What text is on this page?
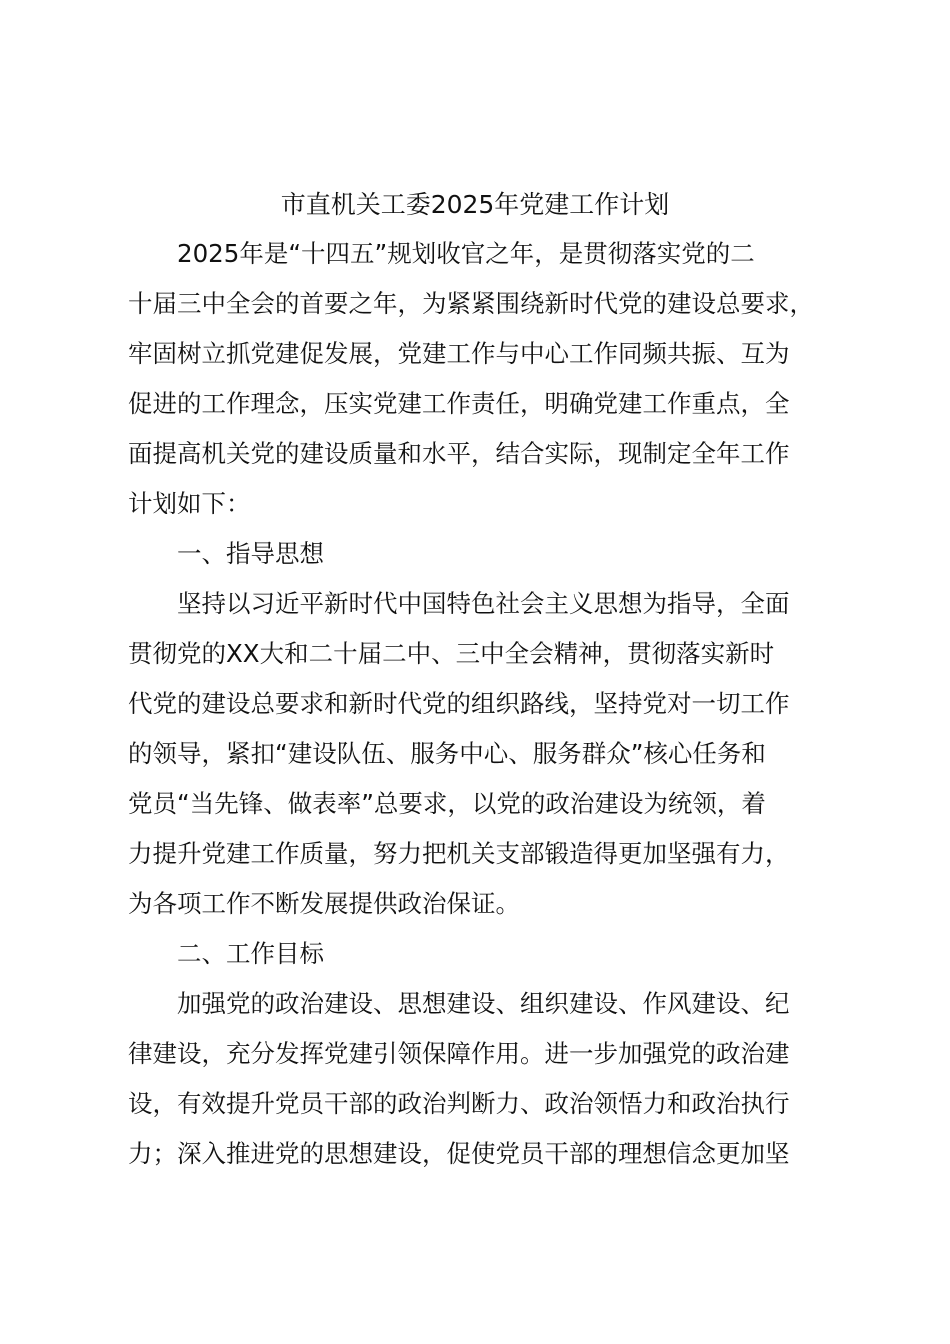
市直机关工委2025年党建工作计划
　　2025年是“十四五”规划收官之年，是贯彻落实党的二
十届三中全会的首要之年，为紧紧围绕新时代党的建设总要求，
牢固树立抓党建促发展，党建工作与中心工作同频共振、互为
促进的工作理念，压实党建工作责任，明确党建工作重点，全
面提高机关党的建设质量和水平，结合实际，现制定全年工作
计划如下：
　　一、指导思想
　　坚持以习近平新时代中国特色社会主义思想为指导，全面
贯彻党的XX大和二十届二中、三中全会精神，贯彻落实新时
代党的建设总要求和新时代党的组织路线，坚持党对一切工作
的领导，紧扣“建设队伍、服务中心、服务群众”核心任务和
党员“当先锋、做表率”总要求，以党的政治建设为统领，着
力提升党建工作质量，努力把机关支部锻造得更加坚强有力，
为各项工作不断发展提供政治保证。
　　二、工作目标
　　加强党的政治建设、思想建设、组织建设、作风建设、纪
律建设，充分发挥党建引领保障作用。进一步加强党的政治建
设，有效提升党员干部的政治判断力、政治领悟力和政治执行
力；深入推进党的思想建设，促使党员干部的理想信念更加坚
